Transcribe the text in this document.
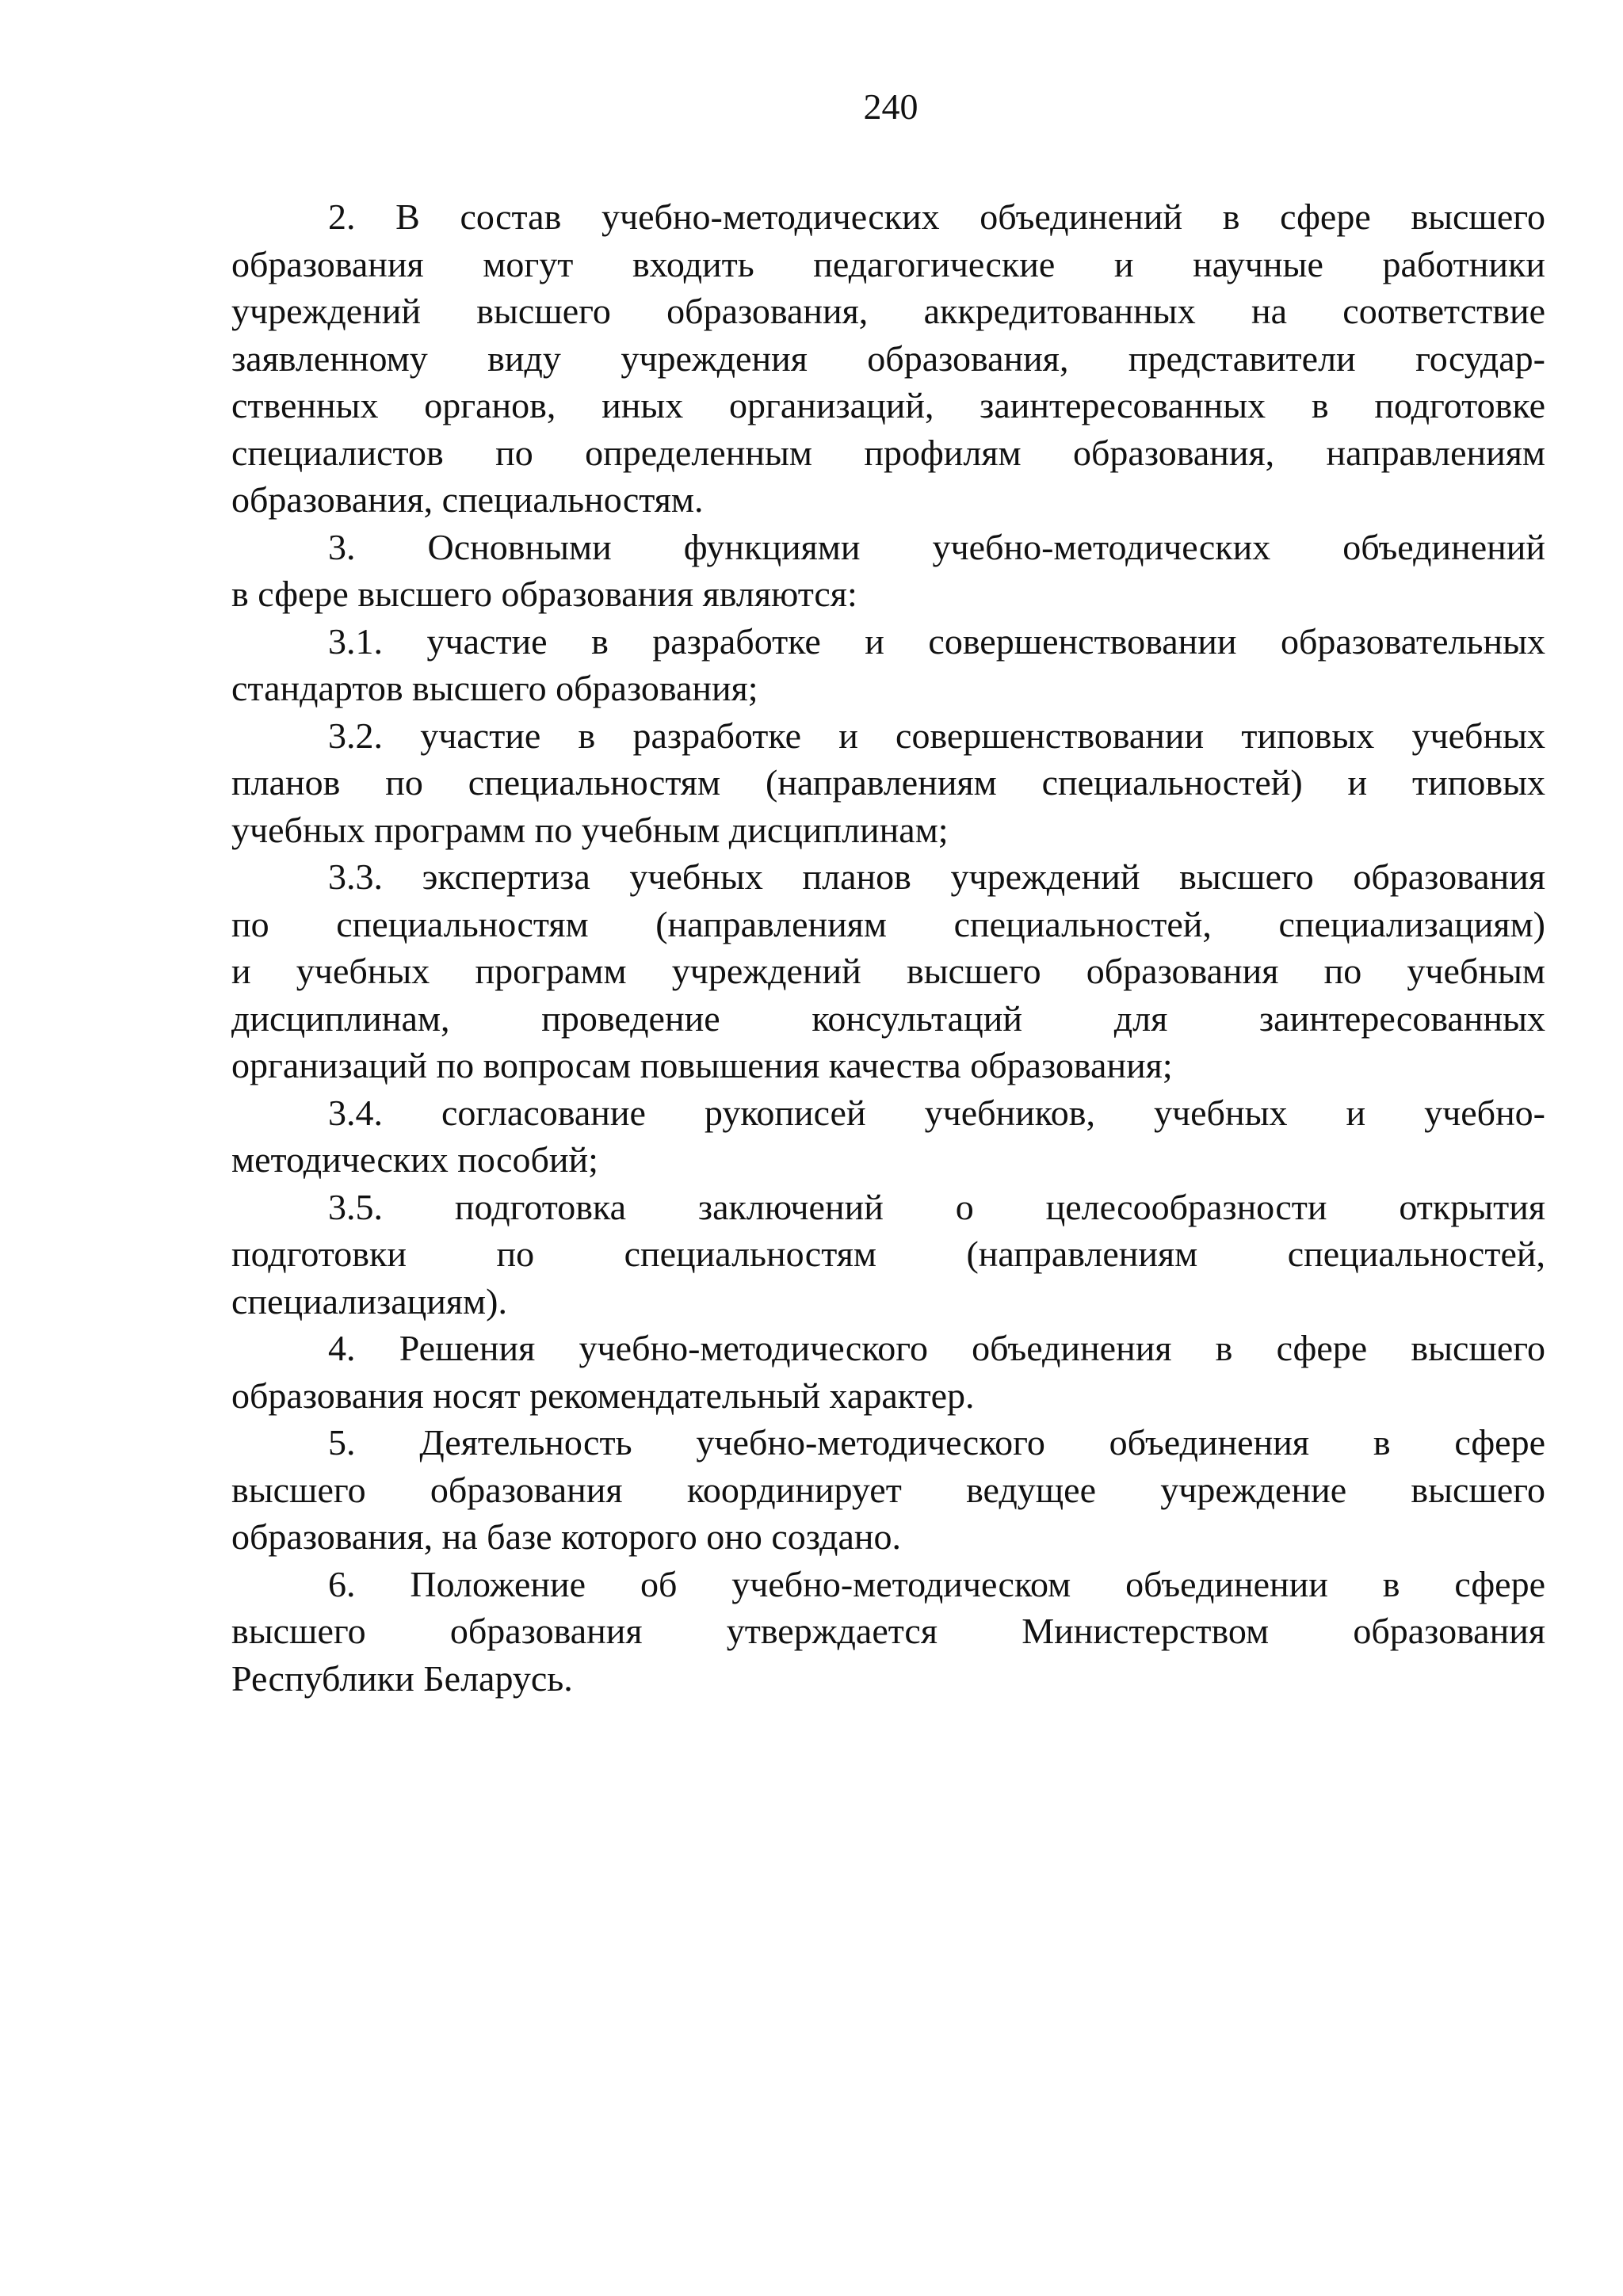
240
2. В состав учебно-методических объединений в сфере высшего
образования могут входить педагогические и научные работники
учреждений высшего образования, аккредитованных на соответствие
заявленному виду учреждения образования, представители государ-
ственных органов, иных организаций, заинтересованных в подготовке
специалистов по определенным профилям образования, направлениям
образования, специальностям.
3. Основными функциями учебно-методических объединений
в сфере высшего образования являются:
3.1. участие в разработке и совершенствовании образовательных
стандартов высшего образования;
3.2. участие в разработке и совершенствовании типовых учебных
планов по специальностям (направлениям специальностей) и типовых
учебных программ по учебным дисциплинам;
3.3. экспертиза учебных планов учреждений высшего образования
по специальностям (направлениям специальностей, специализациям)
и учебных программ учреждений высшего образования по учебным
дисциплинам, проведение консультаций для заинтересованных
организаций по вопросам повышения качества образования;
3.4. согласование рукописей учебников, учебных и учебно-
методических пособий;
3.5. подготовка заключений о целесообразности открытия
подготовки по специальностям (направлениям специальностей,
специализациям).
4. Решения учебно-методического объединения в сфере высшего
образования носят рекомендательный характер.
5. Деятельность учебно-методического объединения в сфере
высшего образования координирует ведущее учреждение высшего
образования, на базе которого оно создано.
6. Положение об учебно-методическом объединении в сфере
высшего образования утверждается Министерством образования
Республики Беларусь.
